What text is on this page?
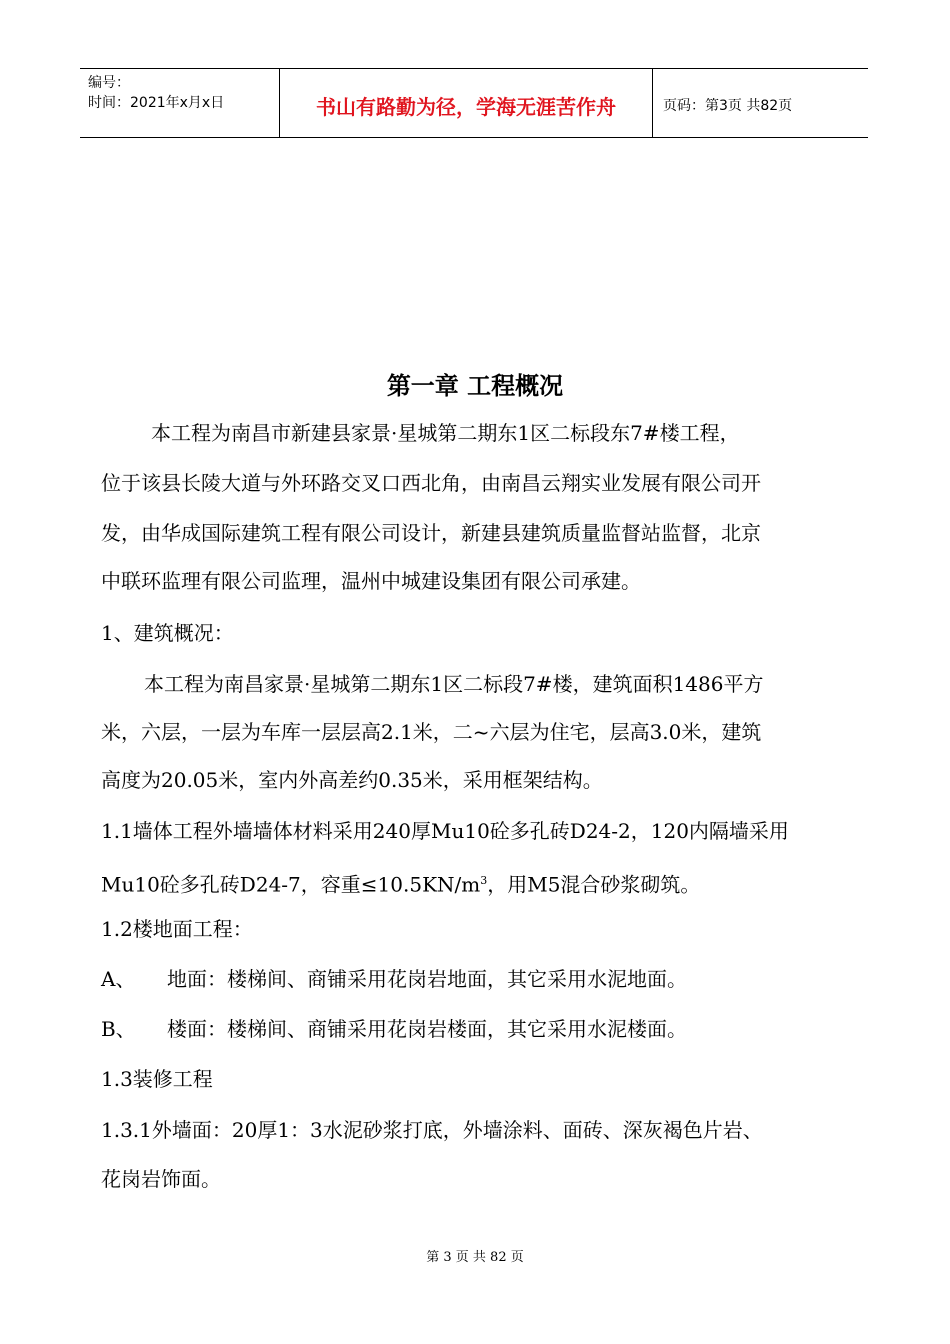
编号：
时间：2021年x月x日	书山有路勤为径，学海无涯苦作舟	页码：第3页 共82页
第一章 工程概况
本工程为南昌市新建县家景·星城第二期东1区二标段东7#楼工程，
位于该县长陵大道与外环路交叉口西北角，由南昌云翔实业发展有限公司开
发，由华成国际建筑工程有限公司设计，新建县建筑质量监督站监督，北京
中联环监理有限公司监理，温州中城建设集团有限公司承建。
1、建筑概况：
本工程为南昌家景·星城第二期东1区二标段7#楼，建筑面积1486平方
米，六层，一层为车库一层层高2.1米，二~六层为住宅，层高3.0米，建筑
高度为20.05米，室内外高差约0.35米，采用框架结构。
1.1墙体工程外墙墙体材料采用240厚Mu10砼多孔砖D24-2，120内隔墙采用
Mu10砼多孔砖D24-7，容重$\le 10.5KN/m^3$，用M5混合砂浆砌筑。
1.2楼地面工程：
A、 地面：楼梯间、商铺采用花岗岩地面，其它采用水泥地面。
B、 楼面：楼梯间、商铺采用花岗岩楼面，其它采用水泥楼面。
1.3装修工程
1.3.1外墙面：20厚1：3水泥砂浆打底，外墙涂料、面砖、深灰褐色片岩、
花岗岩饰面。
第 3 页 共 82 页
